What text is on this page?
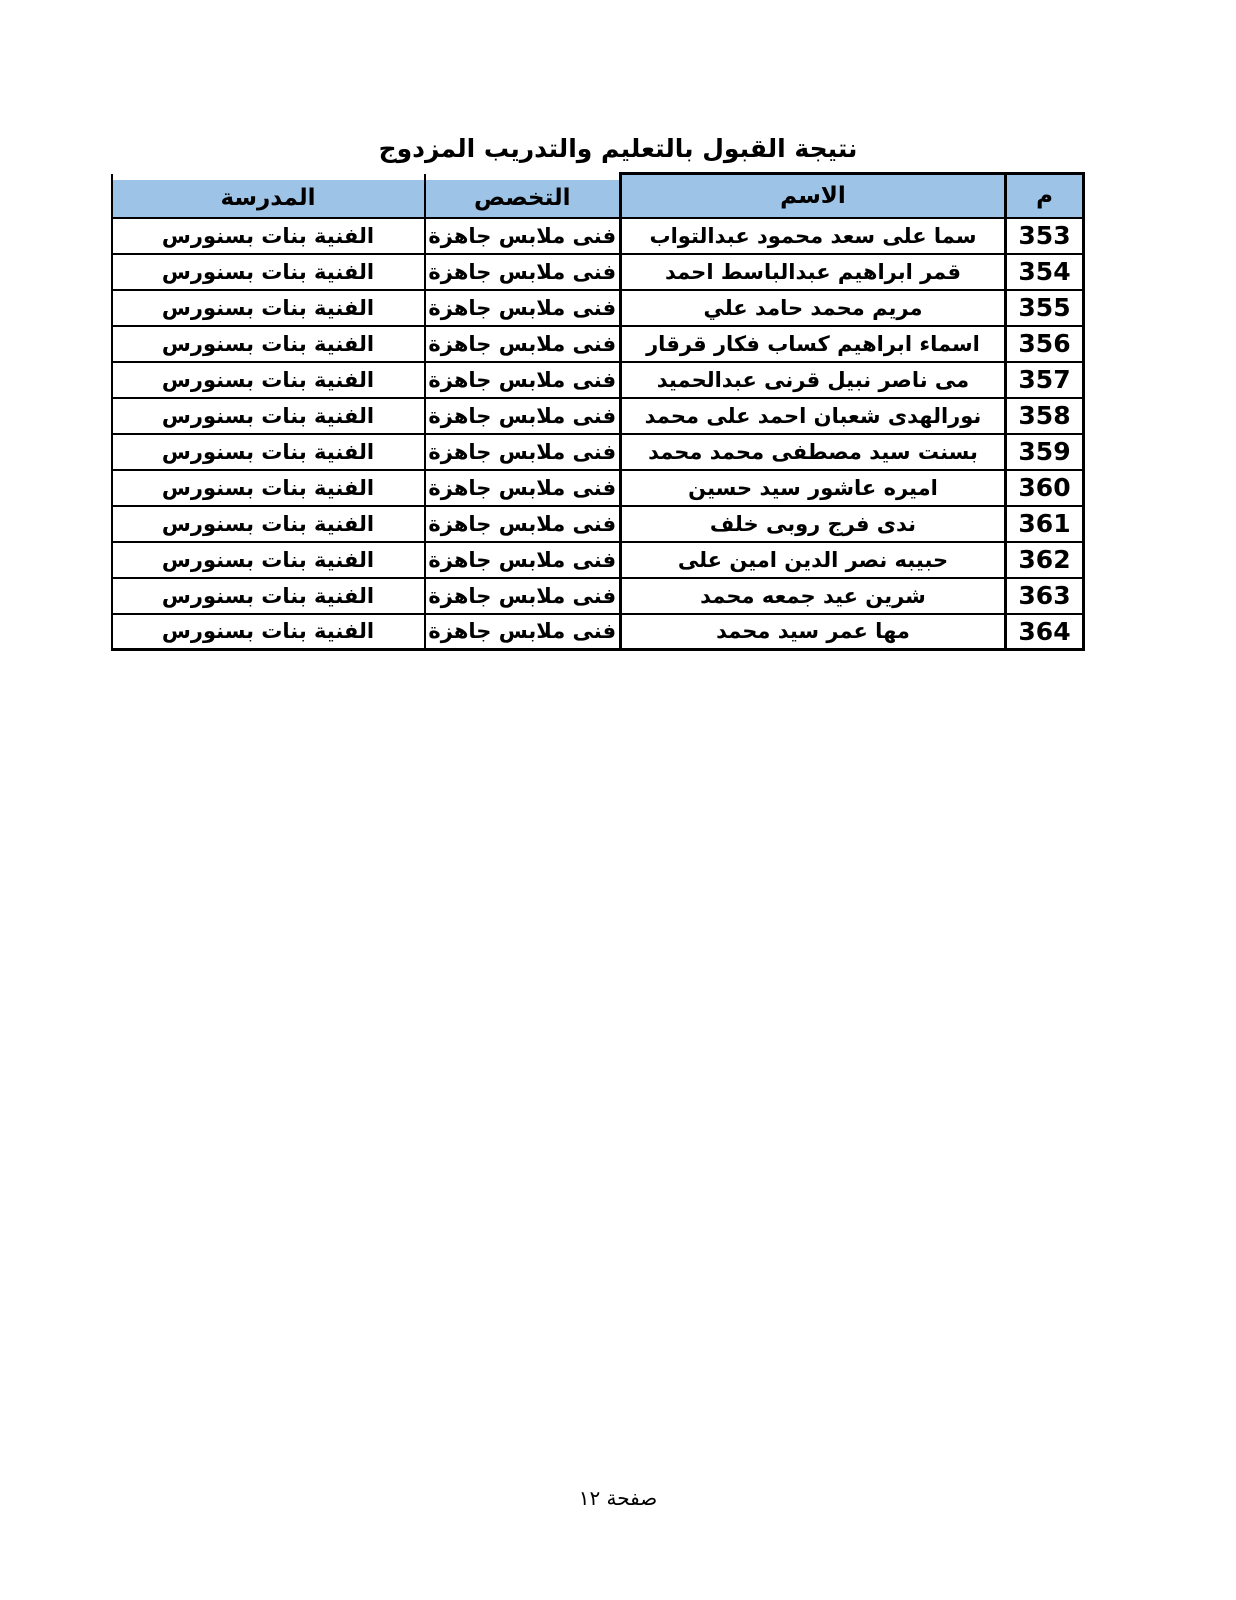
نتيجة القبول بالتعليم والتدريب المزدوج
م	الاسم	التخصص	المدرسة
353	سما على سعد محمود عبدالتواب	فنى ملابس جاهزة	الفنية بنات بسنورس
354	قمر ابراهيم عبدالباسط احمد	فنى ملابس جاهزة	الفنية بنات بسنورس
355	مريم محمد حامد علي	فنى ملابس جاهزة	الفنية بنات بسنورس
356	اسماء ابراهيم كساب فكار قرقار	فنى ملابس جاهزة	الفنية بنات بسنورس
357	مى ناصر نبيل قرنى عبدالحميد	فنى ملابس جاهزة	الفنية بنات بسنورس
358	نورالهدى شعبان احمد على محمد	فنى ملابس جاهزة	الفنية بنات بسنورس
359	بسنت سيد مصطفى محمد محمد	فنى ملابس جاهزة	الفنية بنات بسنورس
360	اميره عاشور سيد حسين	فنى ملابس جاهزة	الفنية بنات بسنورس
361	ندى فرج روبى خلف	فنى ملابس جاهزة	الفنية بنات بسنورس
362	حبيبه نصر الدين امين على	فنى ملابس جاهزة	الفنية بنات بسنورس
363	شرين عيد جمعه محمد	فنى ملابس جاهزة	الفنية بنات بسنورس
364	مها عمر سيد محمد	فنى ملابس جاهزة	الفنية بنات بسنورس
صفحة ١٢
